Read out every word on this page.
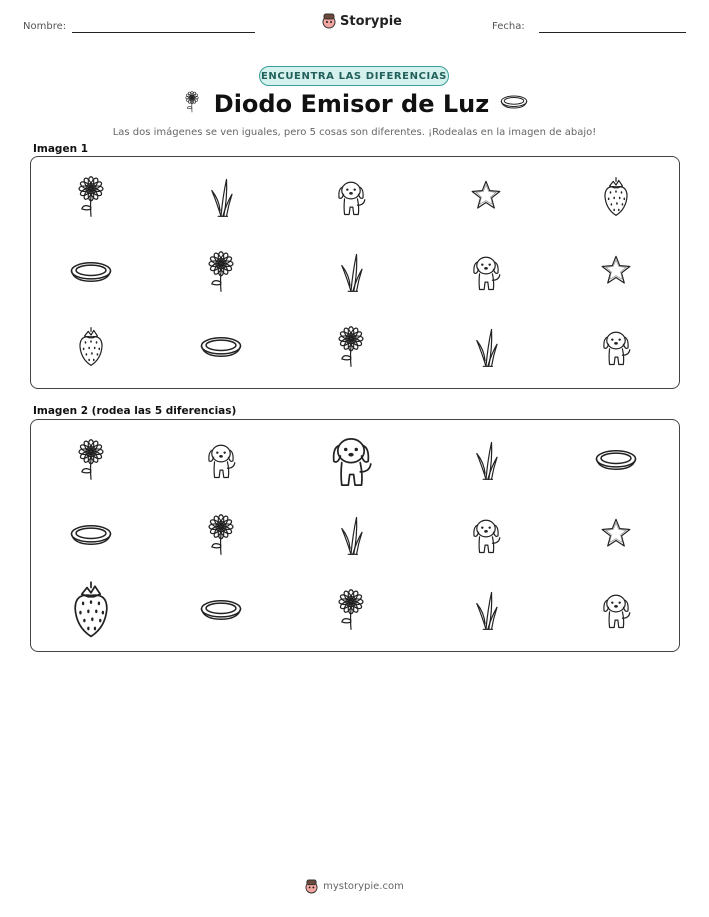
Nombre:	Storypie	Fecha:
ENCUENTRA LAS DIFERENCIAS
Diodo Emisor de Luz
Las dos imágenes se ven iguales, pero 5 cosas son diferentes. ¡Rodealas en la imagen de abajo!
Imagen 1
Imagen 2 (rodea las 5 diferencias)
mystorypie.com
